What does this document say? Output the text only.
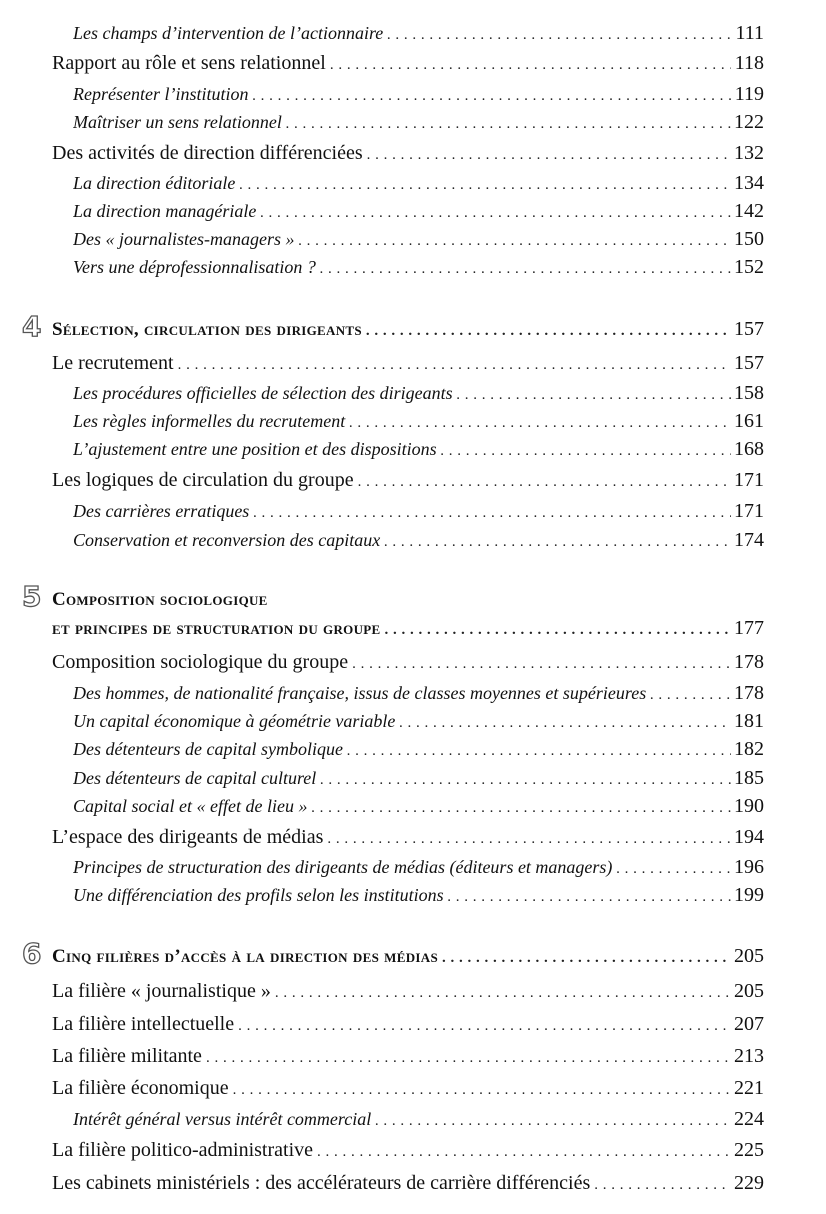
Les champs d’intervention de l’actionnaire . . .	111
Rapport au rôle et sens relationnel . . .	118
Représenter l’institution . . .	119
Maîtriser un sens relationnel . . .	122
Des activités de direction différenciées . . .	132
La direction éditoriale . . .	134
La direction managériale . . .	142
Des « journalistes-managers » . . .	150
Vers une déprofessionnalisation ? . . .	152
4 Sélection, circulation des dirigeants . . .	157
Le recrutement . . .	157
Les procédures officielles de sélection des dirigeants . . .	158
Les règles informelles du recrutement . . .	161
L’ajustement entre une position et des dispositions . . .	168
Les logiques de circulation du groupe . . .	171
Des carrières erratiques . . .	171
Conservation et reconversion des capitaux . . .	174
5 Composition sociologique
et principes de structuration du groupe . . .	177
Composition sociologique du groupe . . .	178
Des hommes, de nationalité française, issus de classes moyennes et supérieures . . .	178
Un capital économique à géométrie variable . . .	181
Des détenteurs de capital symbolique . . .	182
Des détenteurs de capital culturel . . .	185
Capital social et « effet de lieu » . . .	190
L’espace des dirigeants de médias . . .	194
Principes de structuration des dirigeants de médias (éditeurs et managers) . . .	196
Une différenciation des profils selon les institutions . . .	199
6 Cinq filières d’accès à la direction des médias . . .	205
La filière « journalistique » . . .	205
La filière intellectuelle . . .	207
La filière militante . . .	213
La filière économique . . .	221
Intérêt général versus intérêt commercial . . .	224
La filière politico-administrative . . .	225
Les cabinets ministériels : des accélérateurs de carrière différenciés . . .	229
